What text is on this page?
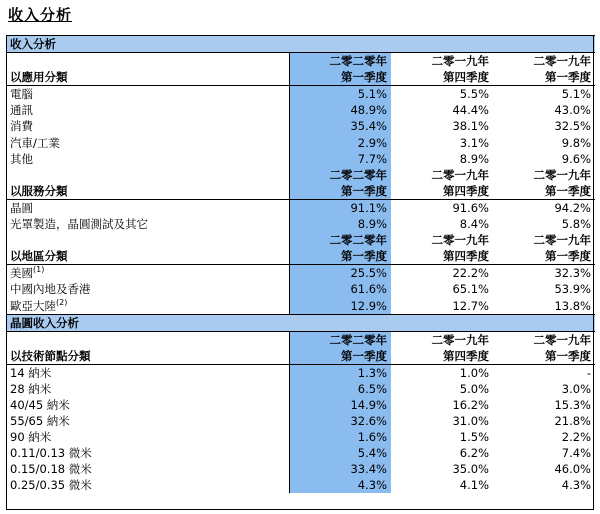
收入分析
收入分析			
	二零二零年	二零一九年	二零一九年
以應用分類	第一季度	第四季度	第一季度
電腦	5.1%	5.5%	5.1%
通訊	48.9%	44.4%	43.0%
消費	35.4%	38.1%	32.5%
汽車/工業	2.9%	3.1%	9.8%
其他	7.7%	8.9%	9.6%
	二零二零年	二零一九年	二零一九年
以服務分類	第一季度	第四季度	第一季度
晶圓	91.1%	91.6%	94.2%
光罩製造，晶圓測試及其它	8.9%	8.4%	5.8%
	二零二零年	二零一九年	二零一九年
以地區分類	第一季度	第四季度	第一季度
美國$^{(1)}$	25.5%	22.2%	32.3%
中國內地及香港	61.6%	65.1%	53.9%
歐亞大陸$^{(2)}$	12.9%	12.7%	13.8%
晶圓收入分析			
	二零二零年	二零一九年	二零一九年
以技術節點分類	第一季度	第四季度	第一季度
14 納米	1.3%	1.0%	-
28 納米	6.5%	5.0%	3.0%
40/45 納米	14.9%	16.2%	15.3%
55/65 納米	32.6%	31.0%	21.8%
90 納米	1.6%	1.5%	2.2%
0.11/0.13 微米	5.4%	6.2%	7.4%
0.15/0.18 微米	33.4%	35.0%	46.0%
0.25/0.35 微米	4.3%	4.1%	4.3%
